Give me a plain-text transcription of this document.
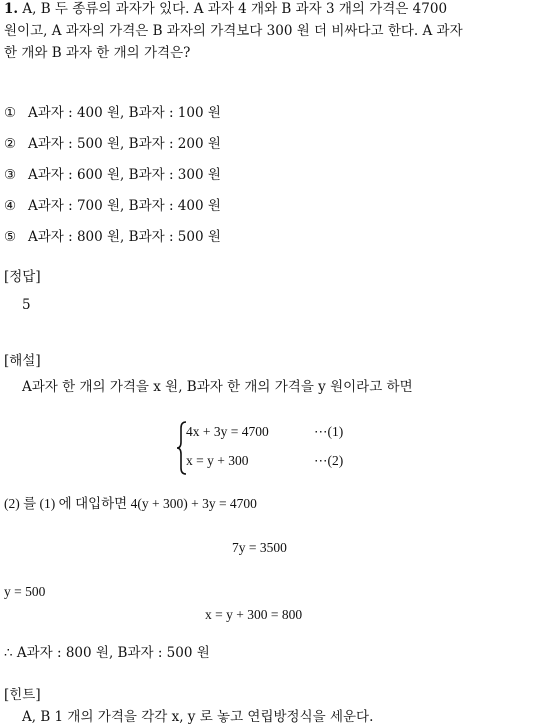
1. A, B 두 종류의 과자가 있다. A 과자 4 개와 B 과자 3 개의 가격은 4700
원이고, A 과자의 가격은 B 과자의 가격보다 300 원 더 비싸다고 한다. A 과자
한 개와 B 과자 한 개의 가격은?
① A과자 : 400 원, B과자 : 100 원
② A과자 : 500 원, B과자 : 200 원
③ A과자 : 600 원, B과자 : 300 원
④ A과자 : 700 원, B과자 : 400 원
⑤ A과자 : 800 원, B과자 : 500 원
[정답]
5
[해설]
A과자 한 개의 가격을 x 원, B과자 한 개의 가격을 y 원이라고 하면
4x + 3y = 4700	⋯(1)
x = y + 300	⋯(2)
(2) 를 (1) 에 대입하면 4(y + 300) + 3y = 4700
7y = 3500
y = 500
x = y + 300 = 800
∴ A과자 : 800 원, B과자 : 500 원
[힌트]
A, B 1 개의 가격을 각각 x, y 로 놓고 연립방정식을 세운다.
